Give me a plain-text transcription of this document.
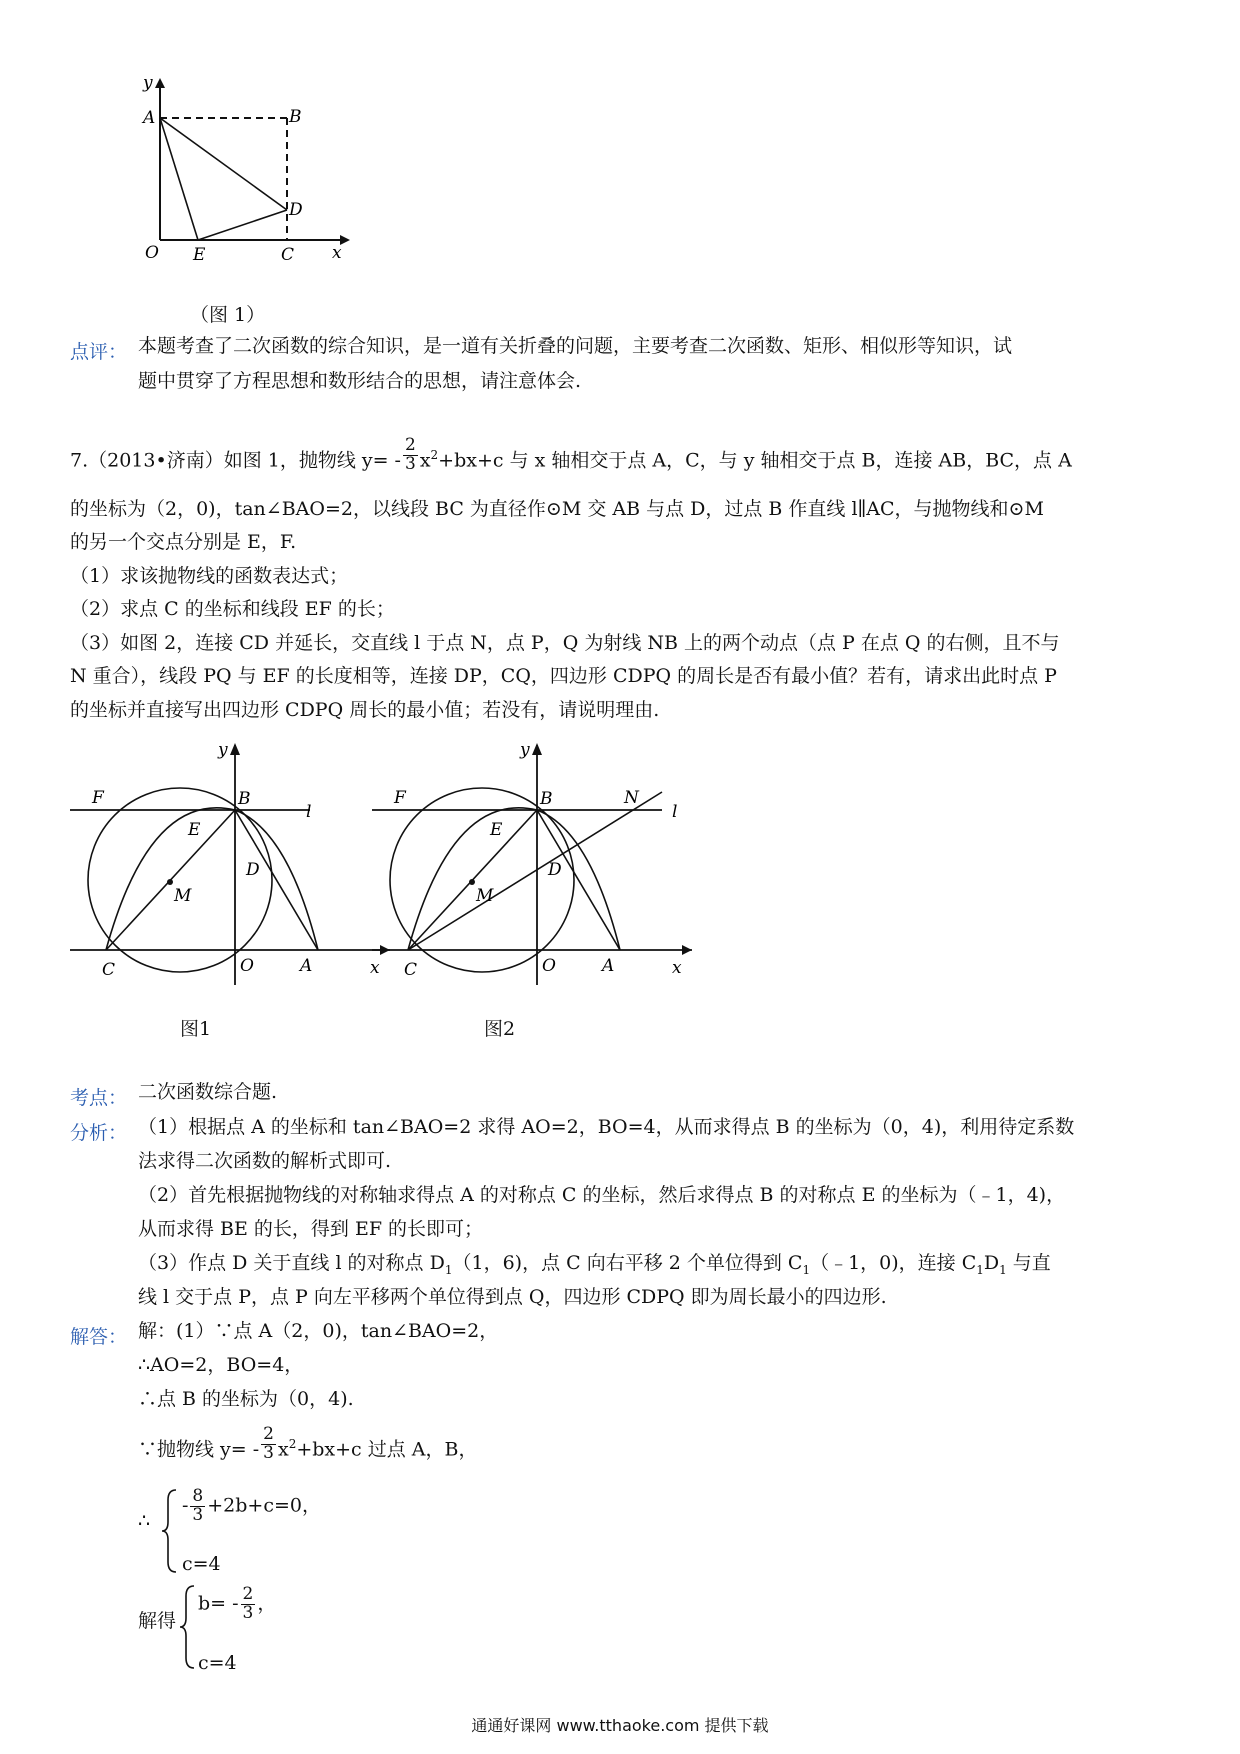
y
A	B
D
O E	C x
（图 1）
点评： 本题考查了二次函数的综合知识，是一道有关折叠的问题，主要考查二次函数、矩形、相似形等知识，试
题中贯穿了方程思想和数形结合的思想，请注意体会.
7.（2013•济南）如图 1，抛物线 $y= - \frac{2}{3} x^2+bx+c$ 与 x 轴相交于点 A，C，与 y 轴相交于点 B，连接 AB，BC，点 A
的坐标为（2，0)，tan∠BAO=2，以线段 BC 为直径作⊙M 交 AB 与点 D，过点 B 作直线 l∥AC，与抛物线和⊙M
的另一个交点分别是 E，F.
（1）求该抛物线的函数表达式；
（2）求点 C 的坐标和线段 EF 的长；
（3）如图 2，连接 CD 并延长，交直线 l 于点 N，点 P，Q 为射线 NB 上的两个动点（点 P 在点 Q 的右侧，且不与
N 重合），线段 PQ 与 EF 的长度相等，连接 DP，CQ，四边形 CDPQ 的周长是否有最小值？若有，请求出此时点 P
的坐标并直接写出四边形 CDPQ 周长的最小值；若没有，请说明理由.
y
F	B
l
E
D
M
C	O	A	x
图1
y
F	B	N
l
E
D
M
C	O	A	x
图2
考点： 二次函数综合题.
分析： （1）根据点 A 的坐标和 tan∠BAO=2 求得 AO=2，BO=4，从而求得点 B 的坐标为（0，4)，利用待定系数
法求得二次函数的解析式即可.
（2）首先根据抛物线的对称轴求得点 A 的对称点 C 的坐标，然后求得点 B 的对称点 E 的坐标为（﹣1，4)，
从而求得 BE 的长，得到 EF 的长即可；
（3）作点 D 关于直线 l 的对称点 $D_1(1$，6)，点 C 向右平移 2 个单位得到 $C_1(﹣1$，0)，连接 $C_1D_1$ 与直
线 l 交于点 P，点 P 向左平移两个单位得到点 Q，四边形 CDPQ 即为周长最小的四边形.
解答： 解：(1）∵点 A（2，0)，tan∠BAO=2，
∴AO=2，BO=4，
∴点 B 的坐标为（0，4).
∵抛物线 $y= - \frac{2}{3} x^2+bx+c$ 过点 A，B，
∴
- $\frac{8}{3} +2b+c=0$，
c=4
解得
$b= - \frac{2}{3}$ ，
c=4
通通好课网 www.tthaoke.com 提供下载
